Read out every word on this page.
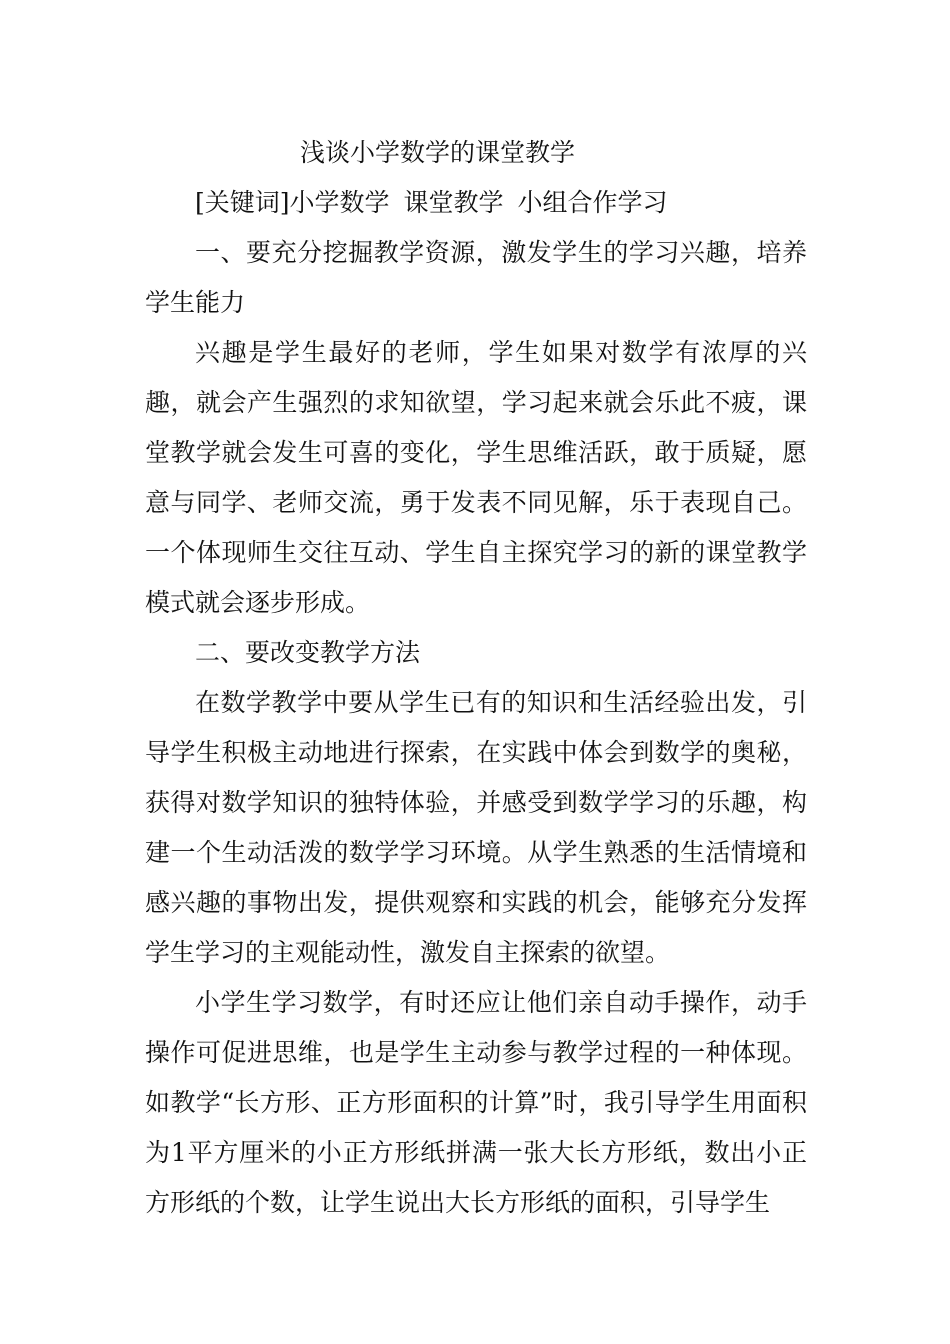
浅谈小学数学的课堂教学

[关键词]小学数学 课堂教学 小组合作学习

一、要充分挖掘教学资源，激发学生的学习兴趣，培养学生能力

兴趣是学生最好的老师，学生如果对数学有浓厚的兴趣，就会产生强烈的求知欲望，学习起来就会乐此不疲，课堂教学就会发生可喜的变化，学生思维活跃，敢于质疑，愿意与同学、老师交流，勇于发表不同见解，乐于表现自己。一个体现师生交往互动、学生自主探究学习的新的课堂教学模式就会逐步形成。

二、要改变教学方法

在数学教学中要从学生已有的知识和生活经验出发，引导学生积极主动地进行探索，在实践中体会到数学的奥秘，获得对数学知识的独特体验，并感受到数学学习的乐趣，构建一个生动活泼的数学学习环境。从学生熟悉的生活情境和感兴趣的事物出发，提供观察和实践的机会，能够充分发挥学生学习的主观能动性，激发自主探索的欲望。

小学生学习数学，有时还应让他们亲自动手操作，动手操作可促进思维，也是学生主动参与教学过程的一种体现。如教学“长方形、正方形面积的计算”时，我引导学生用面积为1平方厘米的小正方形纸拼满一张大长方形纸，数出小正方形纸的个数，让学生说出大长方形纸的面积，引导学生
